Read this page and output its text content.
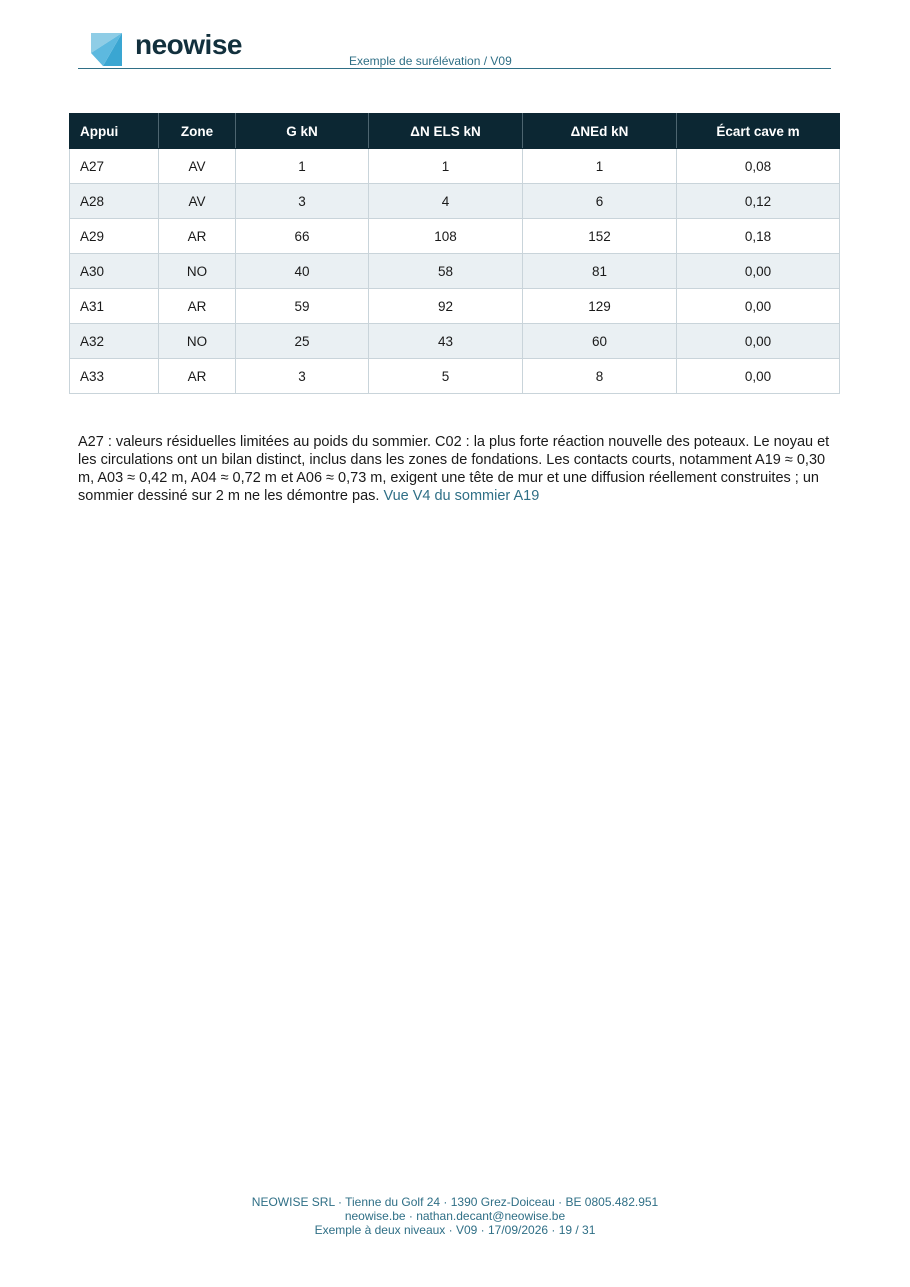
neowise
Exemple de surélévation / V09
Appui	Zone	G kN	ΔN ELS kN	ΔNEd kN	Écart cave m
A27	AV	1	1	1	0,08
A28	AV	3	4	6	0,12
A29	AR	66	108	152	0,18
A30	NO	40	58	81	0,00
A31	AR	59	92	129	0,00
A32	NO	25	43	60	0,00
A33	AR	3	5	8	0,00

A27 : valeurs résiduelles limitées au poids du sommier. C02 : la plus forte réaction nouvelle des poteaux. Le noyau et les circulations ont un bilan distinct, inclus dans les zones de fondations. Les contacts courts, notamment A19 ≈ 0,30 m, A03 ≈ 0,42 m, A04 ≈ 0,72 m et A06 ≈ 0,73 m, exigent une tête de mur et une diffusion réellement construites ; un sommier dessiné sur 2 m ne les démontre pas. Vue V4 du sommier A19

NEOWISE SRL · Tienne du Golf 24 · 1390 Grez-Doiceau · BE 0805.482.951
neowise.be · nathan.decant@neowise.be
Exemple à deux niveaux · V09 · 17/09/2026 · 19 / 31
